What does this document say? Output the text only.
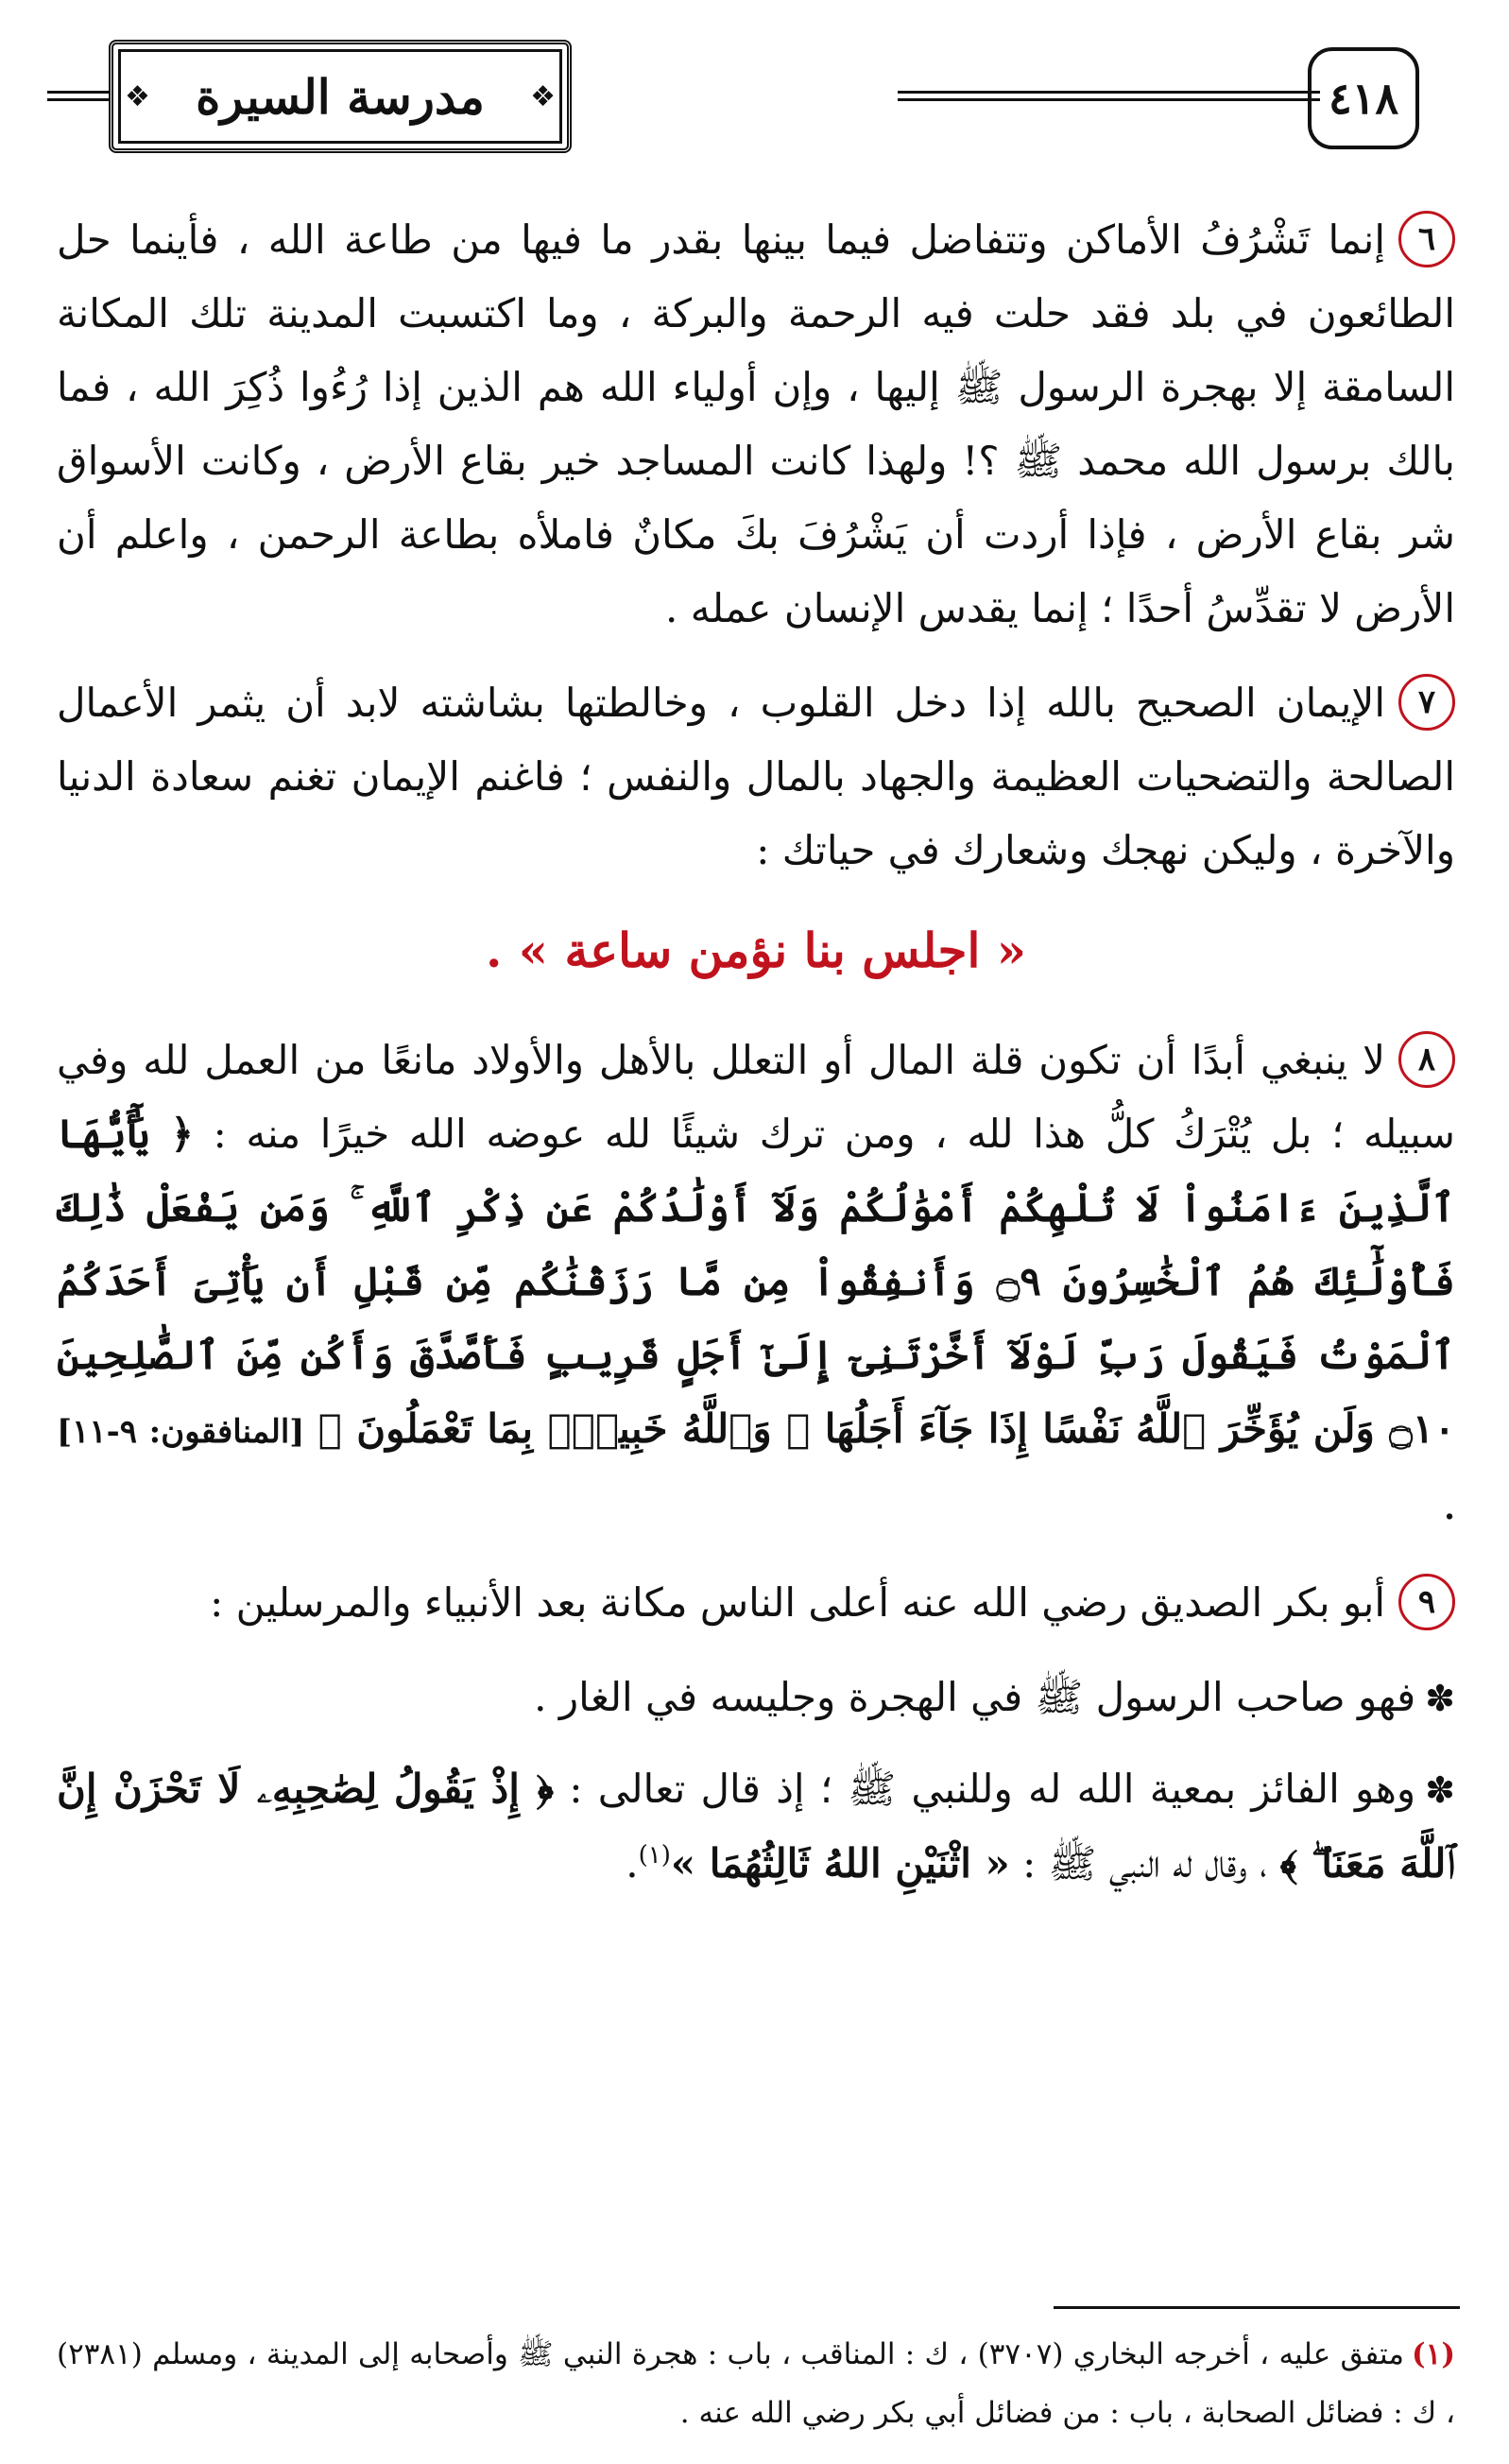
٤١٨
❖ مدرسة السيرة ❖

٦إنما تَشْرُفُ الأماكن وتتفاضل فيما بينها بقدر ما فيها من طاعة الله ، فأينما حل الطائعون في بلد فقد حلت فيه الرحمة والبركة ، وما اكتسبت المدينة تلك المكانة السامقة إلا بهجرة الرسول ﷺ إليها ، وإن أولياء الله هم الذين إذا رُءُوا ذُكِرَ الله ، فما بالك برسول الله محمد ﷺ ؟! ولهذا كانت المساجد خير بقاع الأرض ، وكانت الأسواق شر بقاع الأرض ، فإذا أردت أن يَشْرُفَ بكَ مكانٌ فاملأه بطاعة الرحمن ، واعلم أن الأرض لا تقدِّسُ أحدًا ؛ إنما يقدس الإنسان عمله .

٧الإيمان الصحيح بالله إذا دخل القلوب ، وخالطتها بشاشته لابد أن يثمر الأعمال الصالحة والتضحيات العظيمة والجهاد بالمال والنفس ؛ فاغنم الإيمان تغنم سعادة الدنيا والآخرة ، وليكن نهجك وشعارك في حياتك :

« اجلس بنا نؤمن ساعة » .

٨لا ينبغي أبدًا أن تكون قلة المال أو التعلل بالأهل والأولاد مانعًا من العمل لله وفي سبيله ؛ بل يُتْرَكُ كلُّ هذا لله ، ومن ترك شيئًا لله عوضه الله خيرًا منه : ﴿ يَٰٓأَيُّهَا ٱلَّذِينَ ءَامَنُواْ لَا تُلْهِكُمْ أَمْوَٰلُكُمْ وَلَآ أَوْلَٰدُكُمْ عَن ذِكْرِ ٱللَّهِ ۚ وَمَن يَفْعَلْ ذَٰلِكَ فَأُوْلَٰٓئِكَ هُمُ ٱلْخَٰسِرُونَ ۝٩ وَأَنفِقُواْ مِن مَّا رَزَقْنَٰكُم مِّن قَبْلِ أَن يَأْتِىَ أَحَدَكُمُ ٱلْمَوْتُ فَيَقُولَ رَبِّ لَوْلَآ أَخَّرْتَنِىٓ إِلَىٰٓ أَجَلٍ قَرِيبٍ فَأَصَّدَّقَ وَأَكُن مِّنَ ٱلصَّٰلِحِينَ ۝١٠ وَلَن يُؤَخِّرَ ٱللَّهُ نَفْسًا إِذَا جَآءَ أَجَلُهَا ۚ وَٱللَّهُ خَبِيرٌۢ بِمَا تَعْمَلُونَ ﴾ [المنافقون: ٩-١١] .

٩أبو بكر الصديق رضي الله عنه أعلى الناس مكانة بعد الأنبياء والمرسلين :

✽فهو صاحب الرسول ﷺ في الهجرة وجليسه في الغار .

✽وهو الفائز بمعية الله له وللنبي ﷺ ؛ إذ قال تعالى : ﴿ إِذْ يَقُولُ لِصَٰحِبِهِۦ لَا تَحْزَنْ إِنَّ ٱللَّهَ مَعَنَا ۖ ﴾ ، وقال له النبي ﷺ : « اثْنَيْنِ اللهُ ثَالِثُهُمَا »$^{(١)}$.

(١)متفق عليه ، أخرجه البخاري (٣٧٠٧) ، ك : المناقب ، باب : هجرة النبي ﷺ وأصحابه إلى المدينة ، ومسلم (٢٣٨١) ، ك : فضائل الصحابة ، باب : من فضائل أبي بكر رضي الله عنه .
